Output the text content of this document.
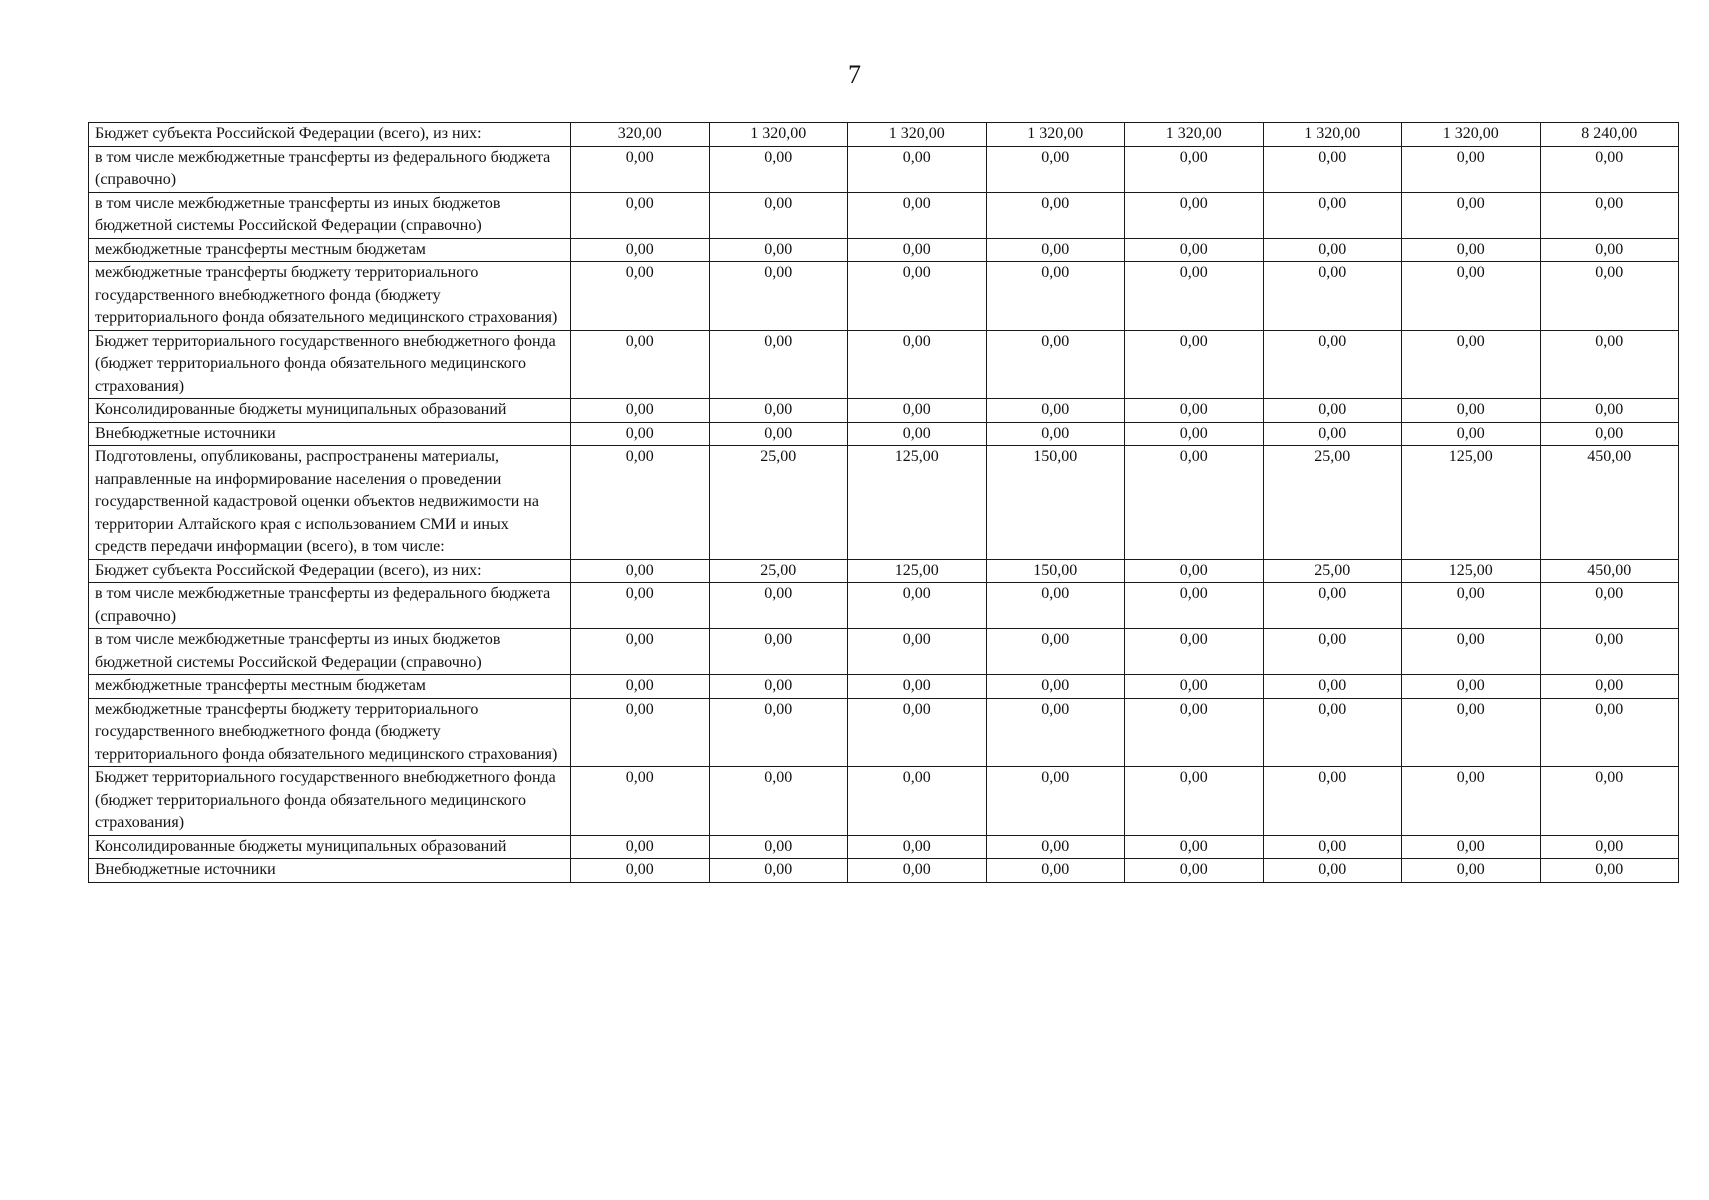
7
Бюджет субъекта Российской Федерации (всего), из них:	320,00	1 320,00	1 320,00	1 320,00	1 320,00	1 320,00	1 320,00	8 240,00
в том числе межбюджетные трансферты из федерального бюджета (справочно)	0,00	0,00	0,00	0,00	0,00	0,00	0,00	0,00
в том числе межбюджетные трансферты из иных бюджетов бюджетной системы Российской Федерации (справочно)	0,00	0,00	0,00	0,00	0,00	0,00	0,00	0,00
межбюджетные трансферты местным бюджетам	0,00	0,00	0,00	0,00	0,00	0,00	0,00	0,00
межбюджетные трансферты бюджету территориального государственного внебюджетного фонда (бюджету территориального фонда обязательного медицинского страхования)	0,00	0,00	0,00	0,00	0,00	0,00	0,00	0,00
Бюджет территориального государственного внебюджетного фонда (бюджет территориального фонда обязательного медицинского страхования)	0,00	0,00	0,00	0,00	0,00	0,00	0,00	0,00
Консолидированные бюджеты муниципальных образований	0,00	0,00	0,00	0,00	0,00	0,00	0,00	0,00
Внебюджетные источники	0,00	0,00	0,00	0,00	0,00	0,00	0,00	0,00
Подготовлены, опубликованы, распространены материалы, направленные на информирование населения о проведении государственной кадастровой оценки объектов недвижимости на территории Алтайского края с использованием СМИ и иных средств передачи информации (всего), в том числе:	0,00	25,00	125,00	150,00	0,00	25,00	125,00	450,00
Бюджет субъекта Российской Федерации (всего), из них:	0,00	25,00	125,00	150,00	0,00	25,00	125,00	450,00
в том числе межбюджетные трансферты из федерального бюджета (справочно)	0,00	0,00	0,00	0,00	0,00	0,00	0,00	0,00
в том числе межбюджетные трансферты из иных бюджетов бюджетной системы Российской Федерации (справочно)	0,00	0,00	0,00	0,00	0,00	0,00	0,00	0,00
межбюджетные трансферты местным бюджетам	0,00	0,00	0,00	0,00	0,00	0,00	0,00	0,00
межбюджетные трансферты бюджету территориального государственного внебюджетного фонда (бюджету территориального фонда обязательного медицинского страхования)	0,00	0,00	0,00	0,00	0,00	0,00	0,00	0,00
Бюджет территориального государственного внебюджетного фонда (бюджет территориального фонда обязательного медицинского страхования)	0,00	0,00	0,00	0,00	0,00	0,00	0,00	0,00
Консолидированные бюджеты муниципальных образований	0,00	0,00	0,00	0,00	0,00	0,00	0,00	0,00
Внебюджетные источники	0,00	0,00	0,00	0,00	0,00	0,00	0,00	0,00
